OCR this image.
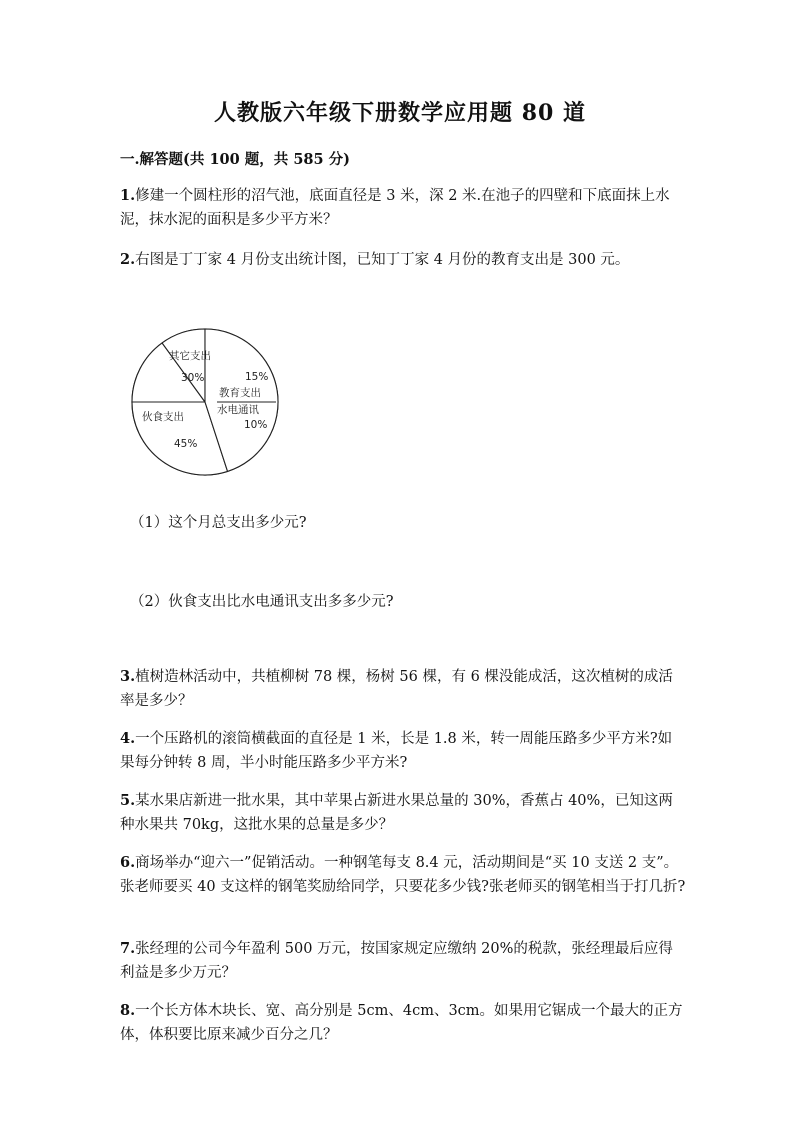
人教版六年级下册数学应用题 80 道
一.解答题(共 100 题，共 585 分)
1.修建一个圆柱形的沼气池，底面直径是 3 米，深 2 米.在池子的四壁和下底面抹上水泥，抹水泥的面积是多少平方米？
2.右图是丁丁家 4 月份支出统计图，已知丁丁家 4 月份的教育支出是 300 元。
其它支出
30%	15%
教育支出
水电通讯
10%
伙食支出
45%
（1）这个月总支出多少元?
（2）伙食支出比水电通讯支出多多少元?
3.植树造林活动中，共植柳树 78 棵，杨树 56 棵，有 6 棵没能成活，这次植树的成活率是多少？
4.一个压路机的滚筒横截面的直径是 1 米，长是 1.8 米，转一周能压路多少平方米?如果每分钟转 8 周，半小时能压路多少平方米?
5.某水果店新进一批水果，其中苹果占新进水果总量的 30%，香蕉占 40%，已知这两种水果共 70kg，这批水果的总量是多少？
6.商场举办“迎六一”促销活动。一种钢笔每支 8.4 元，活动期间是“买 10 支送 2 支”。张老师要买 40 支这样的钢笔奖励给同学，只要花多少钱?张老师买的钢笔相当于打几折?
7.张经理的公司今年盈利 500 万元，按国家规定应缴纳 20%的税款，张经理最后应得利益是多少万元？
8.一个长方体木块长、宽、高分别是 5cm、4cm、3cm。如果用它锯成一个最大的正方体，体积要比原来减少百分之几？
